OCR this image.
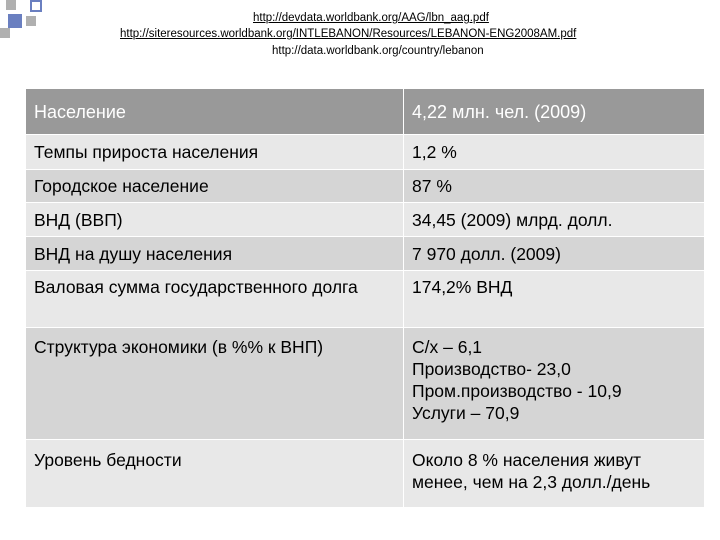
http://devdata.worldbank.org/AAG/lbn_aag.pdf
http://siteresources.worldbank.org/INTLEBANON/Resources/LEBANON-ENG2008AM.pdf
http://data.worldbank.org/country/lebanon
Население	4,22 млн. чел. (2009)
Темпы прироста населения	1,2 %
Городское население	87 %
ВНД (ВВП)	34,45 (2009) млрд. долл.
ВНД на душу населения	7 970 долл. (2009)
Валовая сумма государственного долга	174,2% ВНД
Структура экономики (в %% к ВНП)	С/х – 6,1
Производство- 23,0
Пром.производство - 10,9
Услуги – 70,9

Уровень бедности	Около 8 % населения живут менее, чем на 2,3 долл./день
